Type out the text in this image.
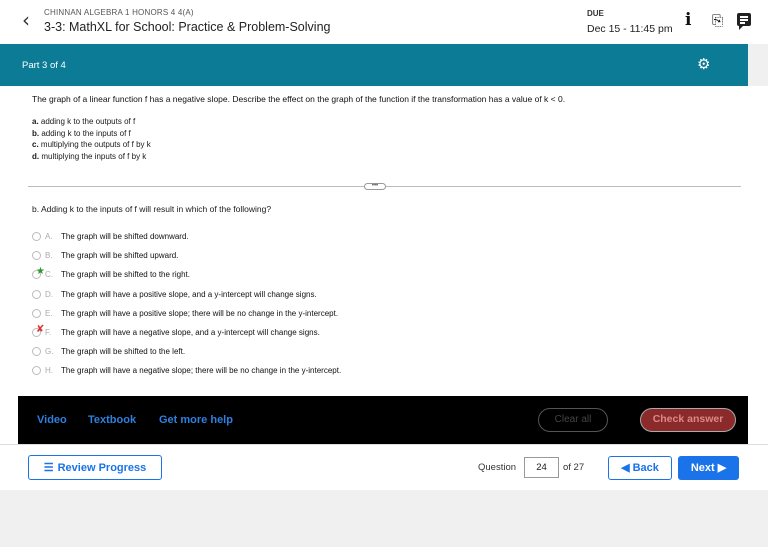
‹ CHINNAN ALGEBRA 1 HONORS 4 4(A)
3-3: MathXL for School: Practice & Problem-Solving
DUE
Dec 15 - 11:45 pm i ⎘
Part 3 of 4	⚙
The graph of a linear function f has a negative slope. Describe the effect on the graph of the function if the transformation has a value of k < 0.
a. adding k to the outputs of f
b. adding k to the inputs of f
c. multiplying the outputs of f by k
d. multiplying the inputs of f by k
•••
b. Adding k to the inputs of f will result in which of the following?
A.	The graph will be shifted downward.
B.	The graph will be shifted upward.
★ C.	The graph will be shifted to the right.
D.	The graph will have a positive slope, and a y-intercept will change signs.
E.	The graph will have a positive slope; there will be no change in the y-intercept.
✘ F.	The graph will have a negative slope, and a y-intercept will change signs.
G. The graph will be shifted to the left.
H.	The graph will have a negative slope; there will be no change in the y-intercept.
Video Textbook Get more help	Clear all	Check answer
☰ Review Progress	Question	24	of 27	◀ Back	Next ▶
